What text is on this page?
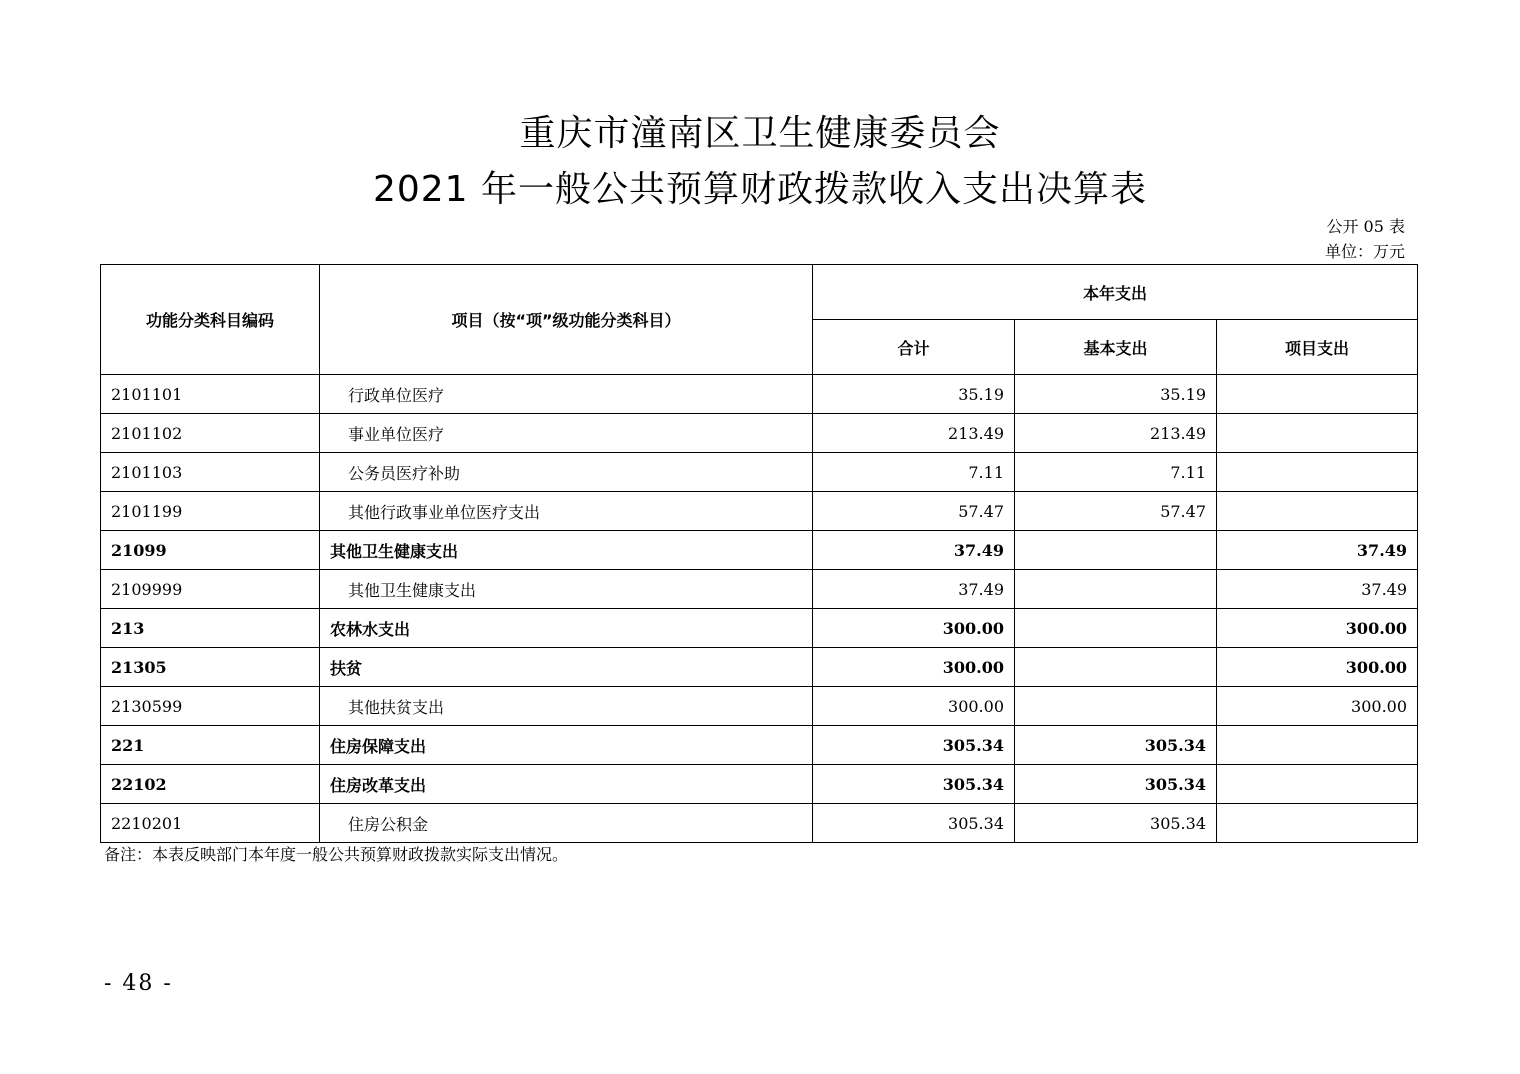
重庆市潼南区卫生健康委员会
2021 年一般公共预算财政拨款收入支出决算表
公开 05 表
单位：万元
功能分类科目编码	项目（按“项”级功能分类科目）	本年支出		
		合计	基本支出	项目支出
2101101	行政单位医疗	35.19	35.19	
2101102	事业单位医疗	213.49	213.49	
2101103	公务员医疗补助	7.11	7.11	
2101199	其他行政事业单位医疗支出	57.47	57.47	
21099	其他卫生健康支出	37.49		37.49
2109999	其他卫生健康支出	37.49		37.49
213	农林水支出	300.00		300.00
21305	扶贫	300.00		300.00
2130599	其他扶贫支出	300.00		300.00
221	住房保障支出	305.34	305.34	
22102	住房改革支出	305.34	305.34	
2210201	住房公积金	305.34	305.34	
备注：本表反映部门本年度一般公共预算财政拨款实际支出情况。
- 48 -
